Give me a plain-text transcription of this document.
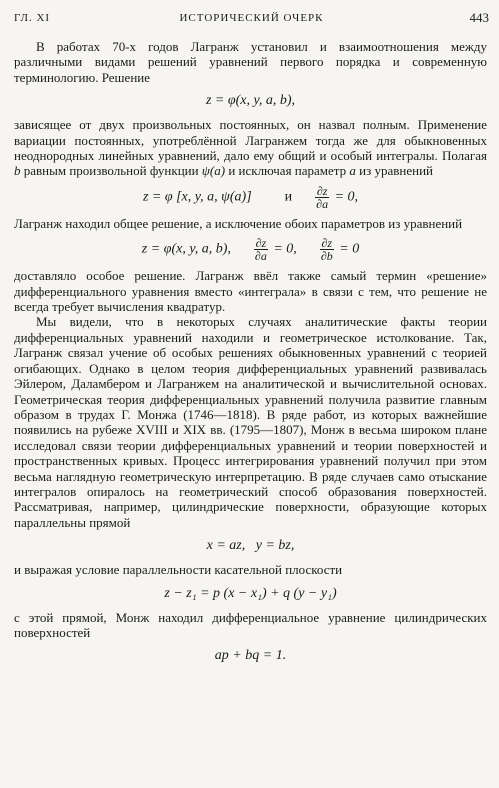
ГЛ. XI	ИСТОРИЧЕСКИЙ ОЧЕРК	443

В работах 70-х годов Лагранж установил и взаимоотношения между различными видами решений уравнений первого порядка и современную терминологию. Решение

z = φ(x, y, a, b),

зависящее от двух произвольных постоянных, он назвал полным. Применение вариации постоянных, употреблённой Лагранжем тогда же для обыкновенных неоднородных линейных уравнений, дало ему общий и особый интегралы. Полагая b равным произвольной функции ψ(a) и исключая параметр a из уравнений

z = φ [x, y, a, ψ(a)] и $\frac{\partial z}{\partial a} = 0$,

Лагранж находил общее решение, а исключение обоих параметров из уравнений

z = φ(x, y, a, b), $\frac{\partial z}{\partial a} = 0$, $\frac{\partial z}{\partial b} = 0$

доставляло особое решение. Лагранж ввёл также самый термин «решение» дифференциального уравнения вместо «интеграла» в связи с тем, что решение не всегда требует вычисления квадратур.

Мы видели, что в некоторых случаях аналитические факты теории дифференциальных уравнений находили и геометрическое истолкование. Так, Лагранж связал учение об особых решениях обыкновенных уравнений с теорией огибающих. Однако в целом теория дифференциальных уравнений развивалась Эйлером, Даламбером и Лагранжем на аналитической и вычислительной основах. Геометрическая теория дифференциальных уравнений получила развитие главным образом в трудах Г. Монжа (1746—1818). В ряде работ, из которых важнейшие появились на рубеже XVIII и XIX вв. (1795—1807), Монж в весьма широком плане исследовал связи теории дифференциальных уравнений и теории поверхностей и пространственных кривых. Процесс интегрирования уравнений получил при этом весьма наглядную геометрическую интерпретацию. В ряде случаев само отыскание интегралов опиралось на геометрический способ образования поверхностей. Рассматривая, например, цилиндрические поверхности, образующие которых параллельны прямой

x = az,   y = bz,

и выражая условие параллельности касательной плоскости

z − z₁ = p (x − x₁) + q (y − y₁)

с этой прямой, Монж находил дифференциальное уравнение цилиндрических поверхностей

ap + bq = 1.
